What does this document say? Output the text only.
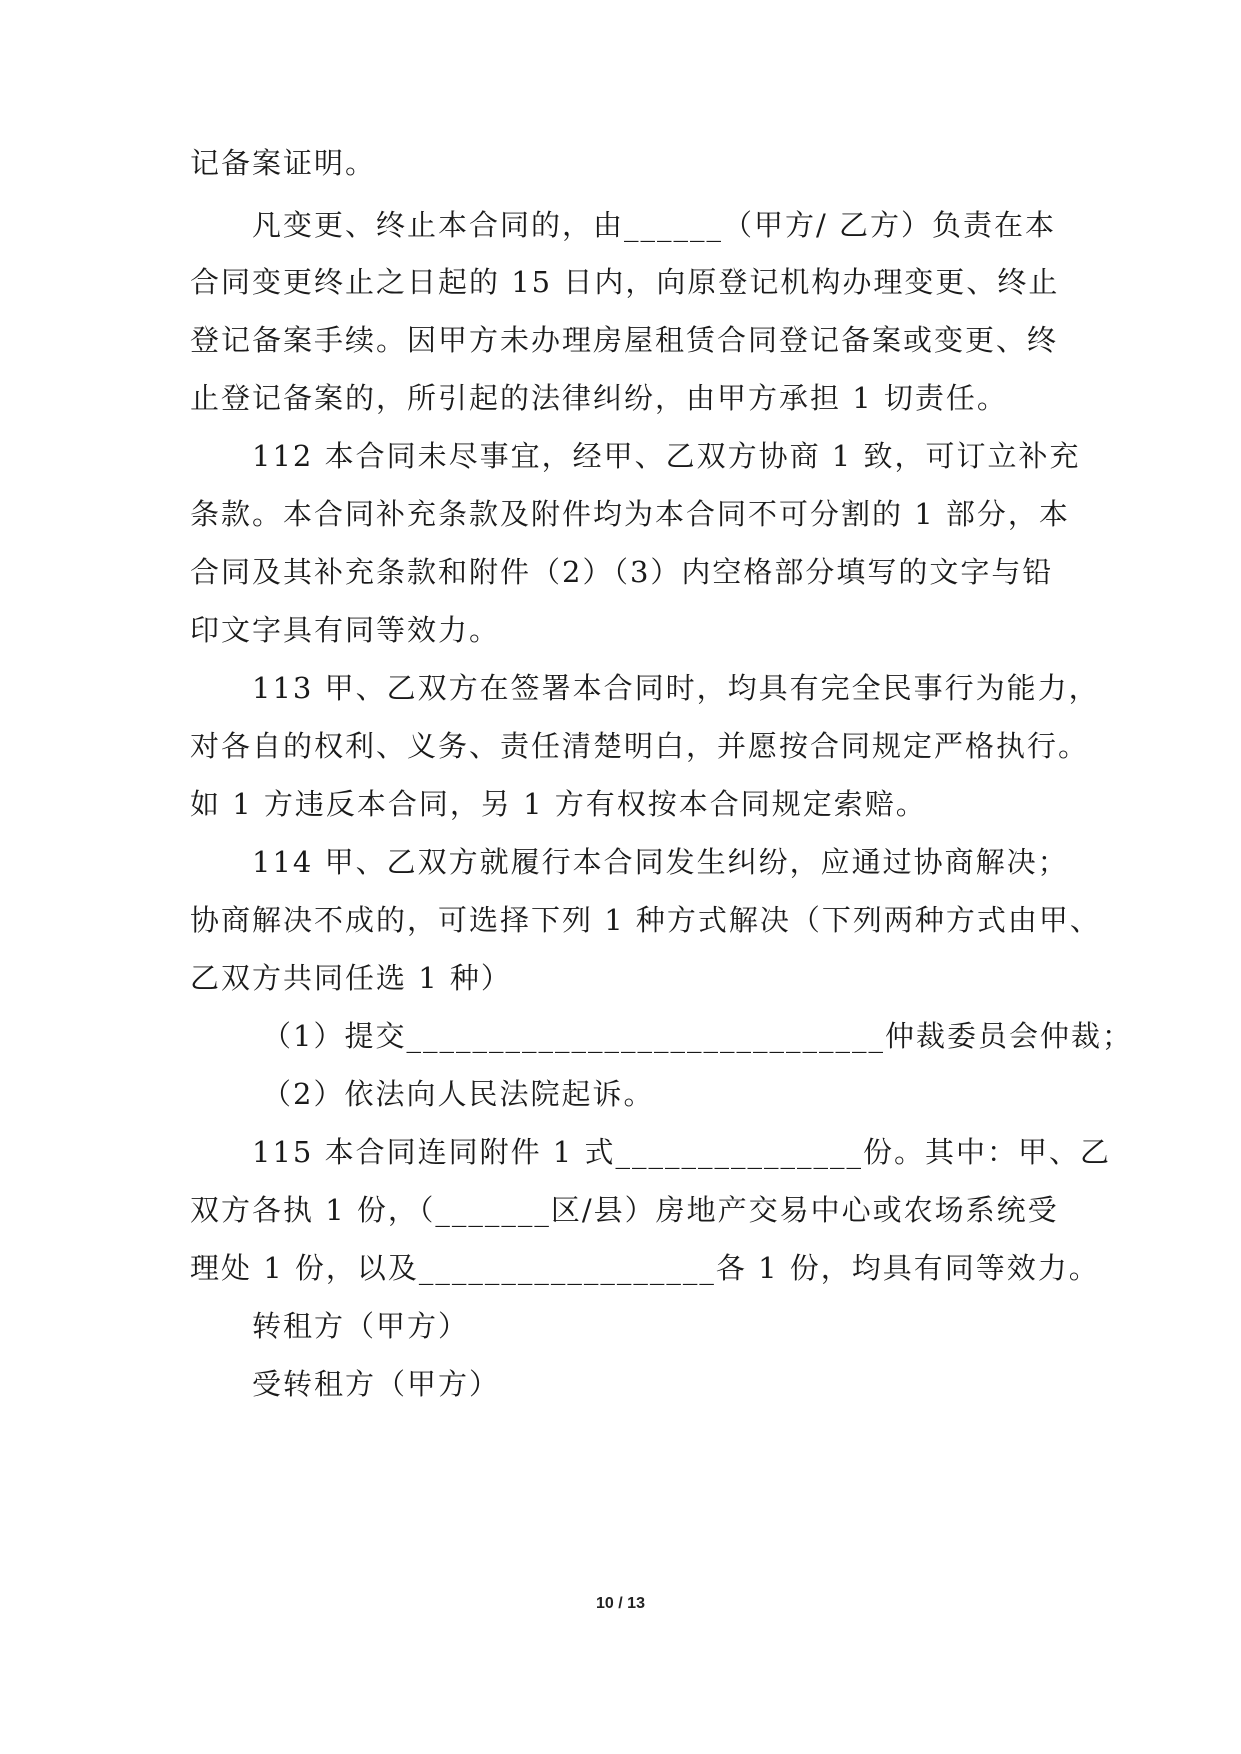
记备案证明。
凡变更、终止本合同的，由______（甲方/ 乙方）负责在本
合同变更终止之日起的 15 日内，向原登记机构办理变更、终止
登记备案手续。因甲方未办理房屋租赁合同登记备案或变更、终
止登记备案的，所引起的法律纠纷，由甲方承担 1 切责任。
112 本合同未尽事宜，经甲、乙双方协商 1 致，可订立补充
条款。本合同补充条款及附件均为本合同不可分割的 1 部分，本
合同及其补充条款和附件（2）（3）内空格部分填写的文字与铅
印文字具有同等效力。
113 甲、乙双方在签署本合同时，均具有完全民事行为能力，
对各自的权利、义务、责任清楚明白，并愿按合同规定严格执行。
如 1 方违反本合同，另 1 方有权按本合同规定索赔。
114 甲、乙双方就履行本合同发生纠纷，应通过协商解决；
协商解决不成的，可选择下列 1 种方式解决（下列两种方式由甲、
乙双方共同任选 1 种）
（1）提交_____________________________仲裁委员会仲裁；
（2）依法向人民法院起诉。
115 本合同连同附件 1 式_______________份。其中：甲、乙
双方各执 1 份，（_______区/县）房地产交易中心或农场系统受
理处 1 份，以及__________________各 1 份，均具有同等效力。
转租方（甲方）
受转租方（甲方）
10 / 13
